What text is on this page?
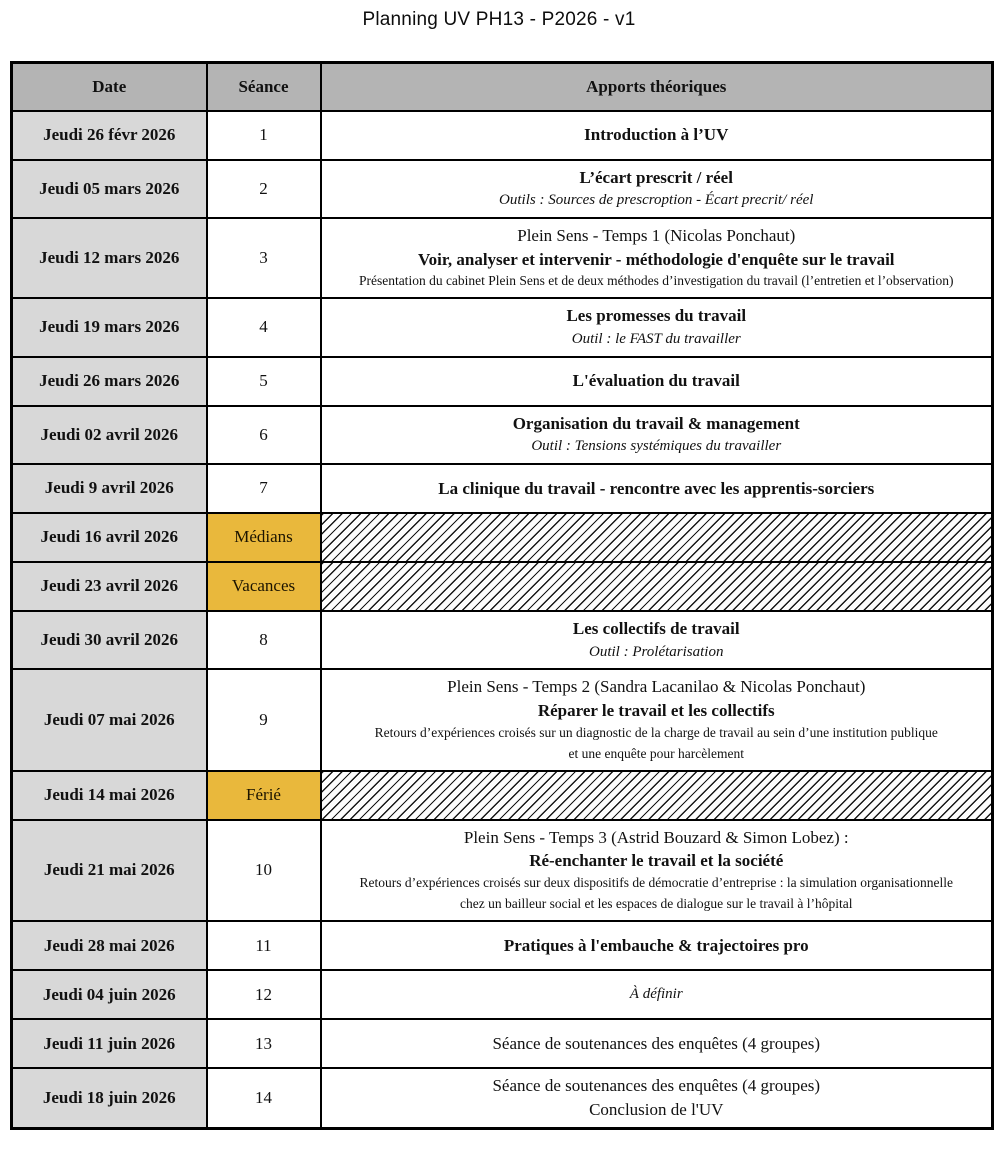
Planning UV PH13 - P2026 - v1
Date	Séance	Apports théoriques
Jeudi 26 févr 2026	1	Introduction à l’UV

Jeudi 05 mars 2026	2	L’écart prescrit / réel
Outils : Sources de prescroption - Écart precrit/ réel

Jeudi 12 mars 2026	3	Plein Sens - Temps 1 (Nicolas Ponchaut)
Voir, analyser et intervenir - méthodologie d'enquête sur le travail
Présentation du cabinet Plein Sens et de deux méthodes d’investigation du travail (l’entretien et l’observation)

Jeudi 19 mars 2026	4	Les promesses du travail
Outil : le FAST du travailler

Jeudi 26 mars 2026	5	L'évaluation du travail

Jeudi 02 avril 2026	6	Organisation du travail & management
Outil : Tensions systémiques du travailler

Jeudi 9 avril 2026	7	La clinique du travail - rencontre avec les apprentis-sorciers

Jeudi 16 avril 2026	Médians	
Jeudi 23 avril 2026	Vacances	
Jeudi 30 avril 2026	8	Les collectifs de travail
Outil : Prolétarisation

Jeudi 07 mai 2026	9	Plein Sens - Temps 2 (Sandra Lacanilao & Nicolas Ponchaut)
Réparer le travail et les collectifs
Retours d’expériences croisés sur un diagnostic de la charge de travail au sein d’une institution publique
et une enquête pour harcèlement

Jeudi 14 mai 2026	Férié	
Jeudi 21 mai 2026	10	Plein Sens - Temps 3 (Astrid Bouzard & Simon Lobez) :
Ré-enchanter le travail et la société
Retours d’expériences croisés sur deux dispositifs de démocratie d’entreprise : la simulation organisationnelle
chez un bailleur social et les espaces de dialogue sur le travail à l’hôpital

Jeudi 28 mai 2026	11	Pratiques à l'embauche & trajectoires pro

Jeudi 04 juin 2026	12	À définir

Jeudi 11 juin 2026	13	Séance de soutenances des enquêtes (4 groupes)

Jeudi 18 juin 2026	14	Séance de soutenances des enquêtes (4 groupes)
Conclusion de l'UV
